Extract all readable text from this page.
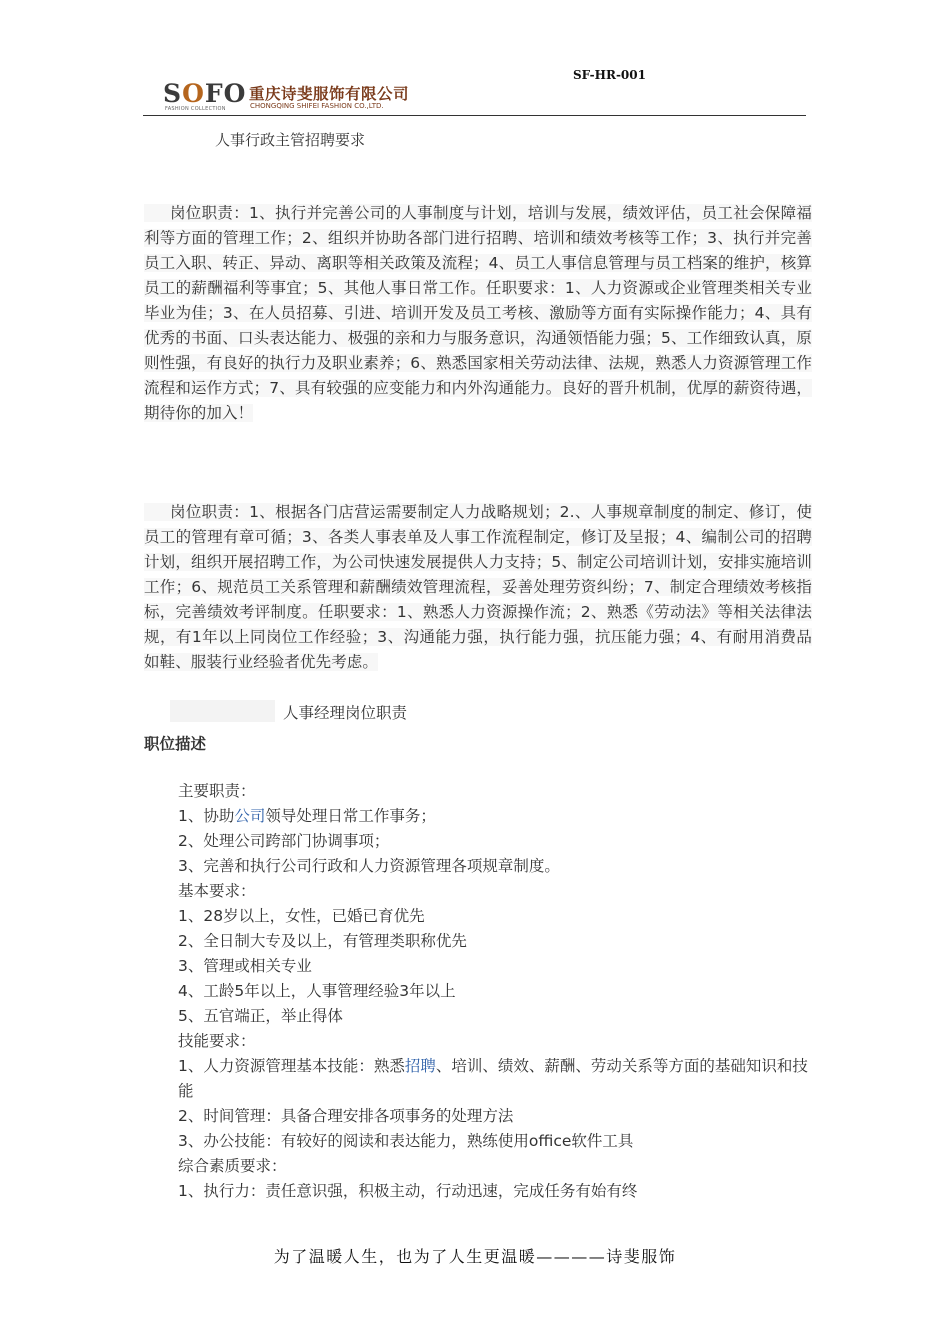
SOFO
FASHION COLLECTION
重庆诗斐服饰有限公司
CHONGQING SHIFEI FASHION CO.,LTD.
SF-HR-001
人事行政主管招聘要求
岗位职责：1、执行并完善公司的人事制度与计划，培训与发展，绩效评估，员工社会保障福利等方面的管理工作；2、组织并协助各部门进行招聘、培训和绩效考核等工作；3、执行并完善员工入职、转正、异动、离职等相关政策及流程；4、员工人事信息管理与员工档案的维护，核算员工的薪酬福利等事宜；5、其他人事日常工作。任职要求：1、人力资源或企业管理类相关专业毕业为佳；3、在人员招募、引进、培训开发及员工考核、激励等方面有实际操作能力；4、具有优秀的书面、口头表达能力、极强的亲和力与服务意识，沟通领悟能力强；5、工作细致认真，原则性强，有良好的执行力及职业素养；6、熟悉国家相关劳动法律、法规，熟悉人力资源管理工作流程和运作方式；7、具有较强的应变能力和内外沟通能力。良好的晋升机制，优厚的薪资待遇，期待你的加入！
岗位职责：1、根据各门店营运需要制定人力战略规划；2.、人事规章制度的制定、修订，使员工的管理有章可循；3、各类人事表单及人事工作流程制定，修订及呈报；4、编制公司的招聘计划，组织开展招聘工作，为公司快速发展提供人力支持；5、制定公司培训计划，安排实施培训工作；6、规范员工关系管理和薪酬绩效管理流程，妥善处理劳资纠纷；7、制定合理绩效考核指标，完善绩效考评制度。任职要求：1、熟悉人力资源操作流；2、熟悉《劳动法》等相关法律法规，有1年以上同岗位工作经验；3、沟通能力强，执行能力强，抗压能力强；4、有耐用消费品如鞋、服装行业经验者优先考虑。
人事经理岗位职责
职位描述
主要职责：
1、协助公司领导处理日常工作事务；
2、处理公司跨部门协调事项；
3、完善和执行公司行政和人力资源管理各项规章制度。
基本要求：
1、28岁以上，女性，已婚已育优先
2、全日制大专及以上，有管理类职称优先
3、管理或相关专业
4、工龄5年以上，人事管理经验3年以上
5、五官端正，举止得体
技能要求：
1、人力资源管理基本技能：熟悉招聘、培训、绩效、薪酬、劳动关系等方面的基础知识和技能
2、时间管理：具备合理安排各项事务的处理方法
3、办公技能：有较好的阅读和表达能力，熟练使用office软件工具
综合素质要求：
1、执行力：责任意识强，积极主动，行动迅速，完成任务有始有终
为了温暖人生，也为了人生更温暖————诗斐服饰
